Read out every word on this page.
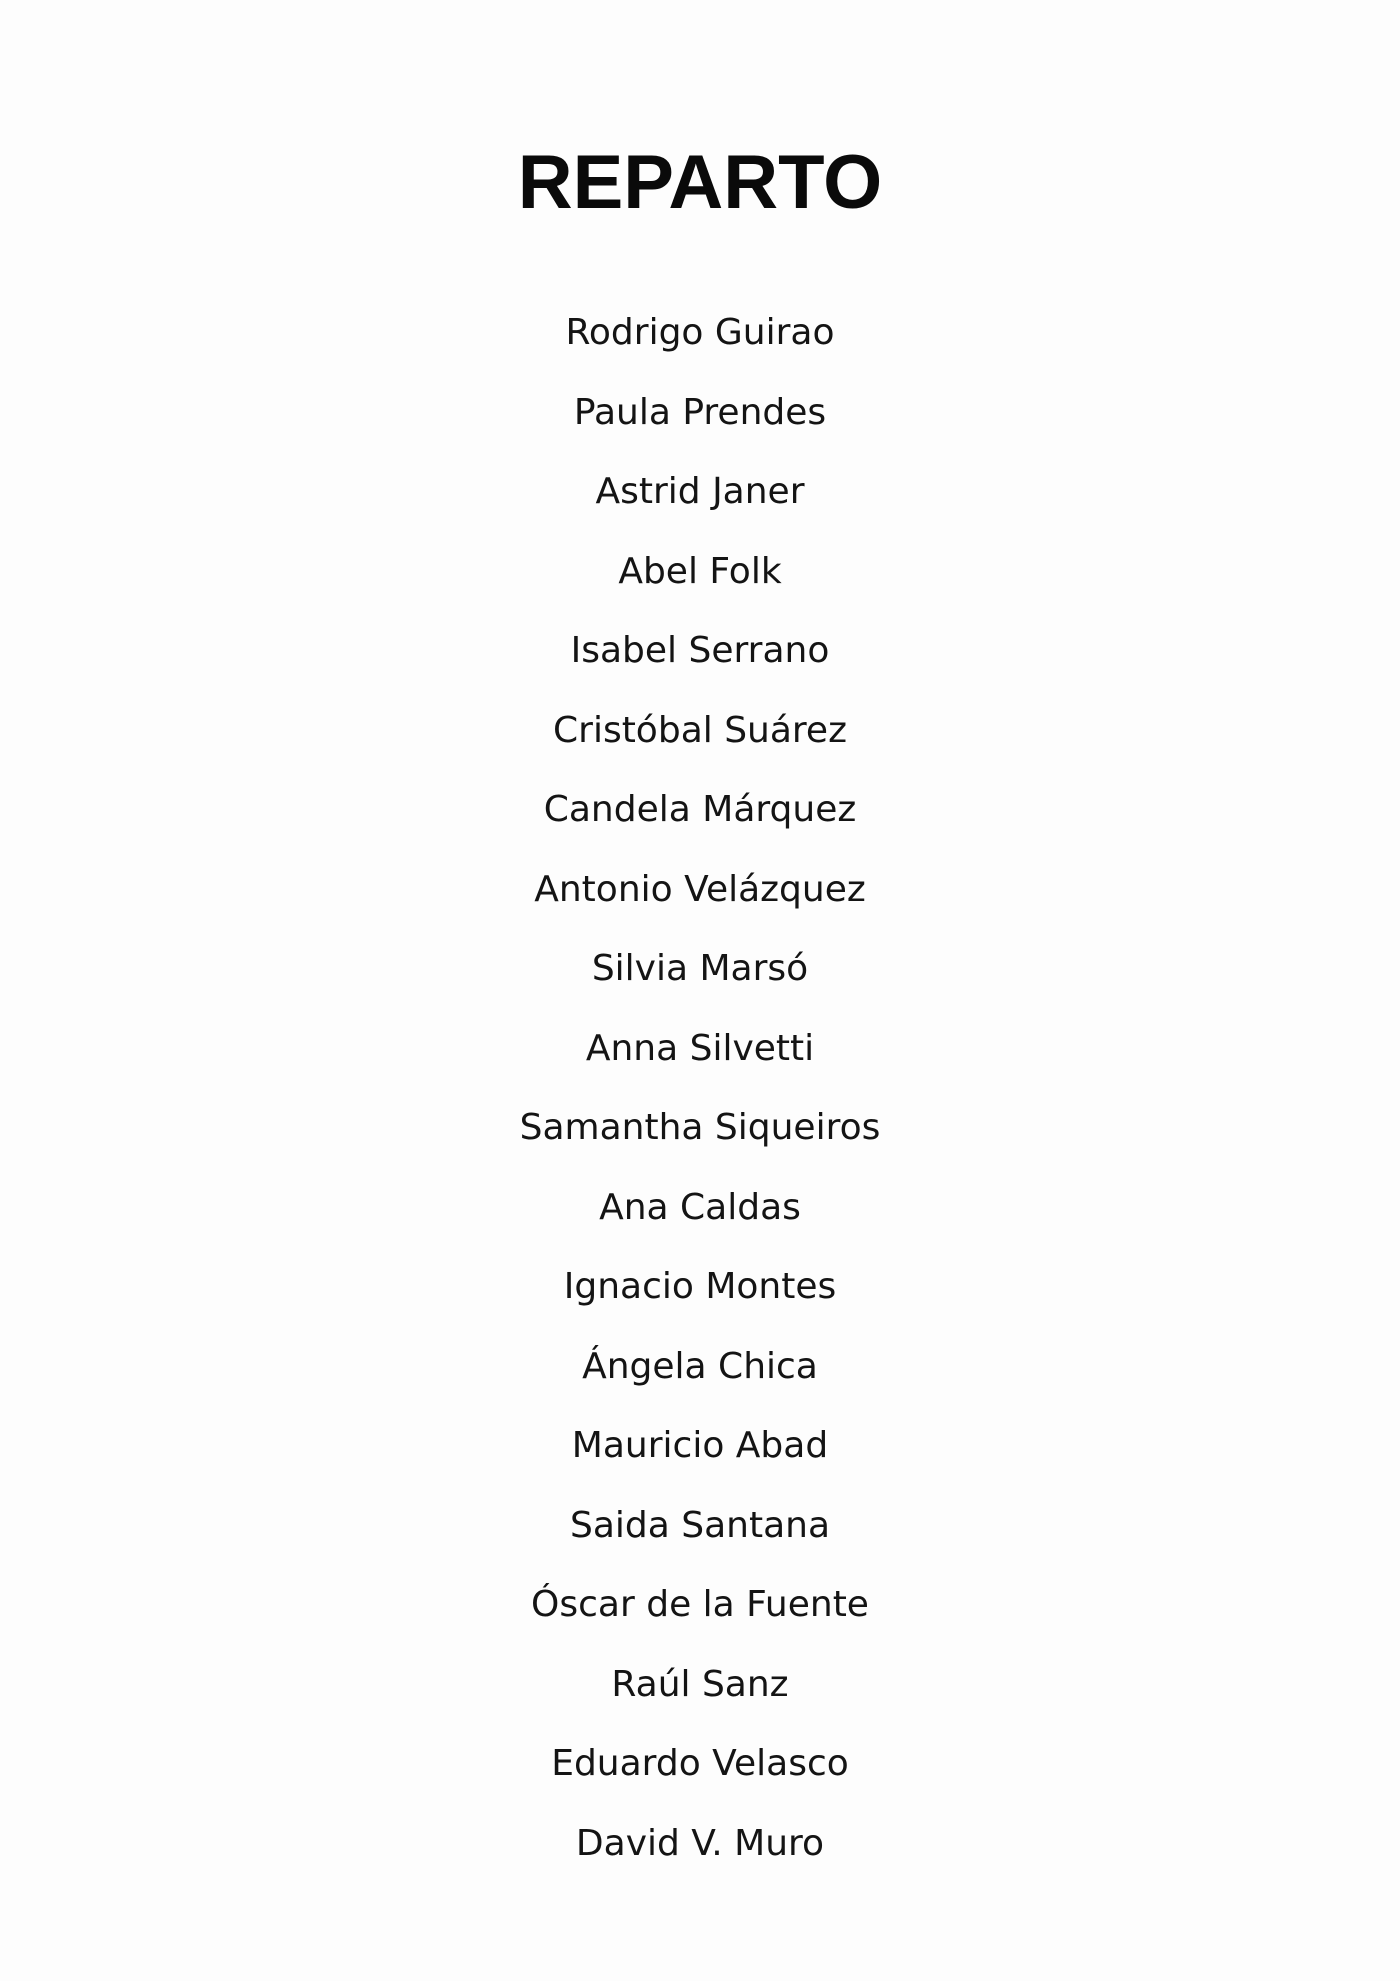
REPARTO
Rodrigo Guirao
Paula Prendes
Astrid Janer
Abel Folk
Isabel Serrano
Cristóbal Suárez
Candela Márquez
Antonio Velázquez
Silvia Marsó
Anna Silvetti
Samantha Siqueiros
Ana Caldas
Ignacio Montes
Ángela Chica
Mauricio Abad
Saida Santana
Óscar de la Fuente
Raúl Sanz
Eduardo Velasco
David V. Muro
